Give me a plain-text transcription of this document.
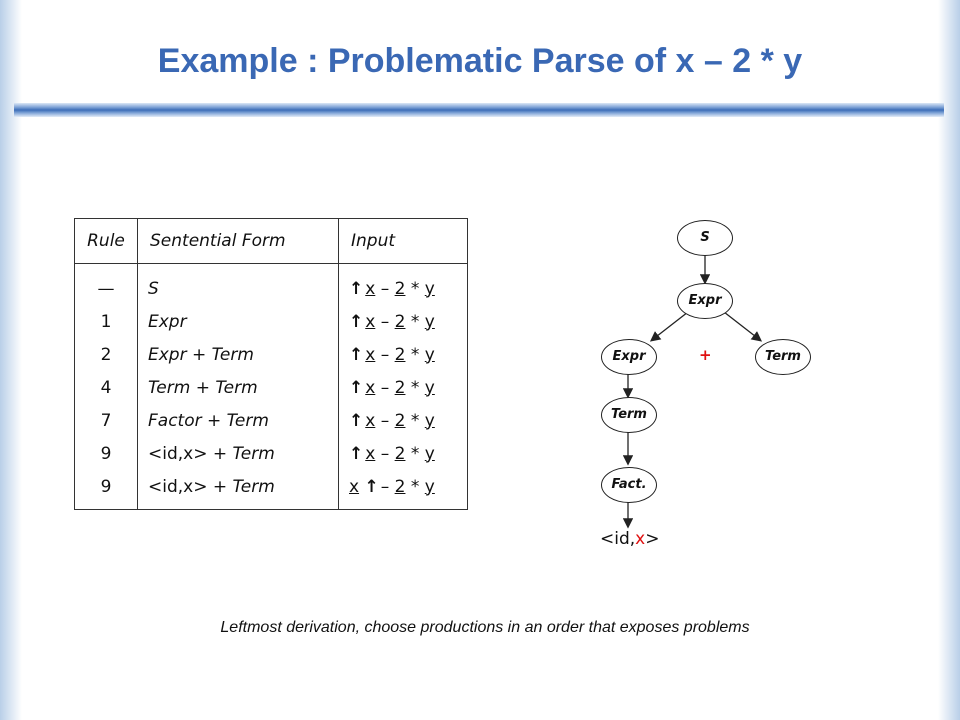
Example : Problematic Parse of x – 2 * y
Rule	Sentential Form	Input
—	S	↑ x – 2 * y
1	Expr	↑ x – 2 * y
2	Expr + Term	↑ x – 2 * y
4	Term + Term	↑ x – 2 * y
7	Factor + Term	↑ x – 2 * y
9	<id,x> + Term	↑ x – 2 * y
9	<id,x> + Term	x ↑ – 2 * y
S
Expr
Expr	+	Term
Term
Fact.
<id,x>
Leftmost derivation, choose productions in an order that exposes problems
